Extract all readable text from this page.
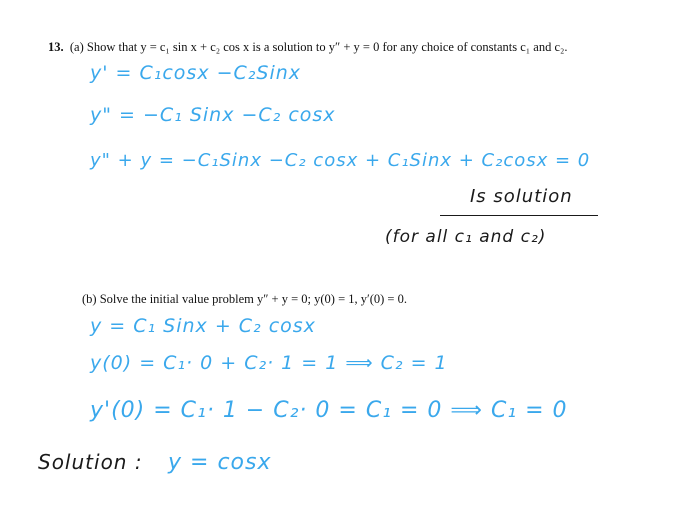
13. (a) Show that y = c₁ sin x + c₂ cos x is a solution to y″ + y = 0 for any choice of constants c₁ and c₂.
y' = C₁cosx −C₂Sinx
y" = −C₁ Sinx −C₂ cosx
y" + y = −C₁Sinx −C₂ cosx + C₁Sinx + C₂cosx = 0
Is solution
(for all c₁ and c₂)
(b) Solve the initial value problem y″ + y = 0; y(0) = 1, y′(0) = 0.
y = C₁ Sinx + C₂ cosx
y(0) = C₁· 0 + C₂· 1 = 1 ⟹ C₂ = 1
y'(0) = C₁· 1 − C₂· 0 = C₁ = 0 ⟹ C₁ = 0
Solution : y = cosx
